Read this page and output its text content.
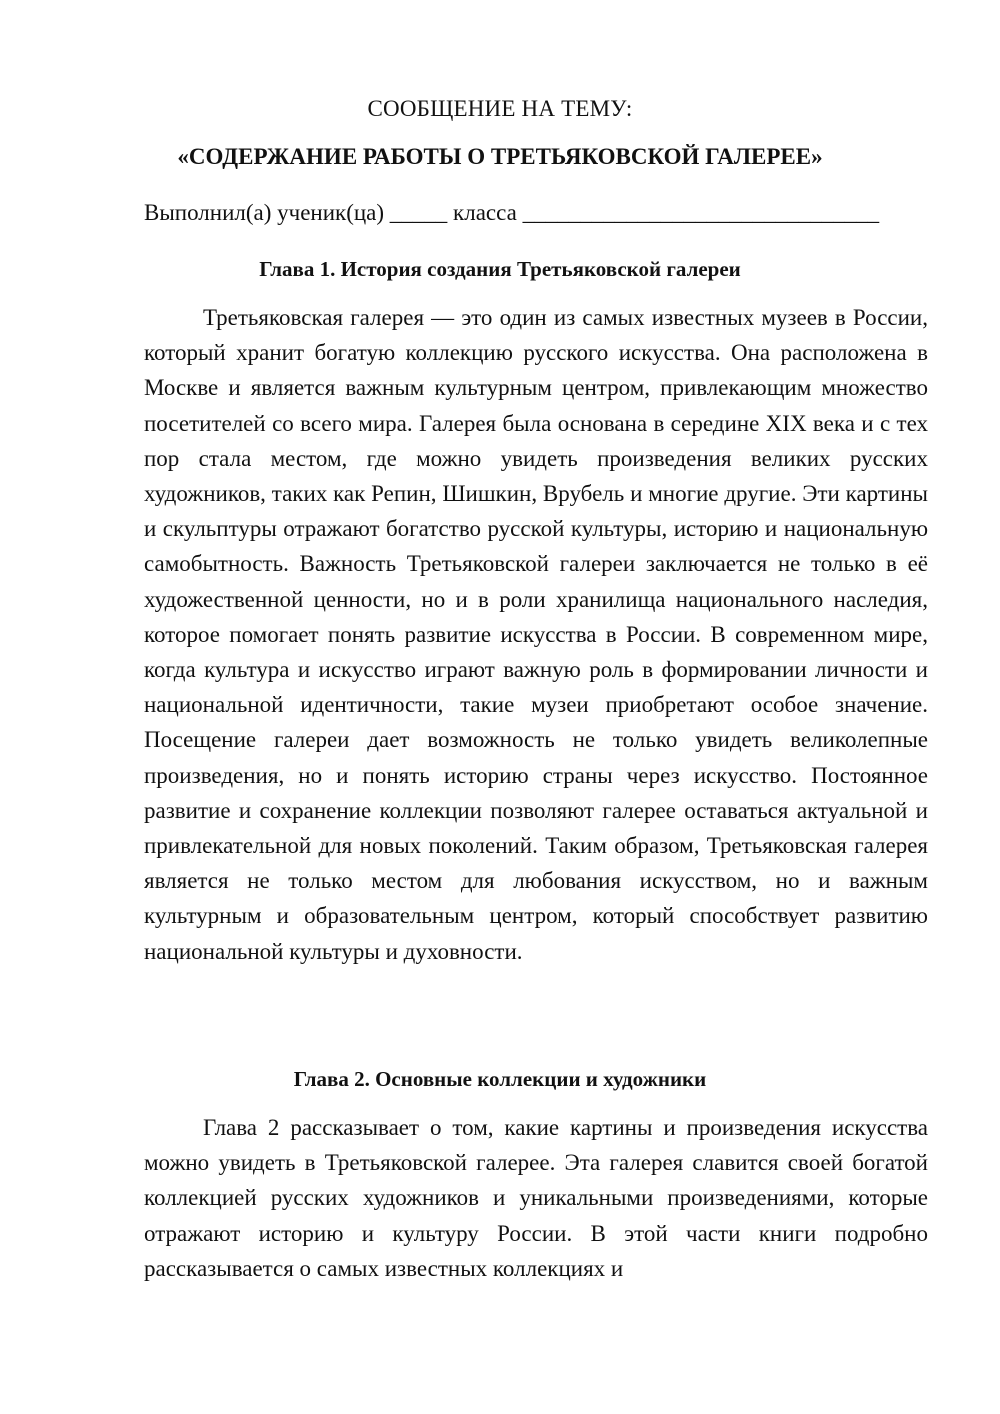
СООБЩЕНИЕ НА ТЕМУ:
«СОДЕРЖАНИЕ РАБОТЫ О ТРЕТЬЯКОВСКОЙ ГАЛЕРЕЕ»
Выполнил(а) ученик(ца) _____ класса _______________________________
Глава 1. История создания Третьяковской галереи

Третьяковская галерея — это один из самых известных музеев в России, который хранит богатую коллекцию русского искусства. Она расположена в Москве и является важным культурным центром, привлекающим множество посетителей со всего мира. Галерея была основана в середине XIX века и с тех пор стала местом, где можно увидеть произведения великих русских художников, таких как Репин, Шишкин, Врубель и многие другие. Эти картины и скульптуры отражают богатство русской культуры, историю и национальную самобытность. Важность Третьяковской галереи заключается не только в её художественной ценности, но и в роли хранилища национального наследия, которое помогает понять развитие искусства в России. В современном мире, когда культура и искусство играют важную роль в формировании личности и национальной идентичности, такие музеи приобретают особое значение. Посещение галереи дает возможность не только увидеть великолепные произведения, но и понять историю страны через искусство. Постоянное развитие и сохранение коллекции позволяют галерее оставаться актуальной и привлекательной для новых поколений. Таким образом, Третьяковская галерея является не только местом для любования искусством, но и важным культурным и образовательным центром, который способствует развитию национальной культуры и духовности.

Глава 2. Основные коллекции и художники

Глава 2 рассказывает о том, какие картины и произведения искусства можно увидеть в Третьяковской галерее. Эта галерея славится своей богатой коллекцией русских художников и уникальными произведениями, которые отражают историю и культуру России. В этой части книги подробно рассказывается о самых известных коллекциях и
